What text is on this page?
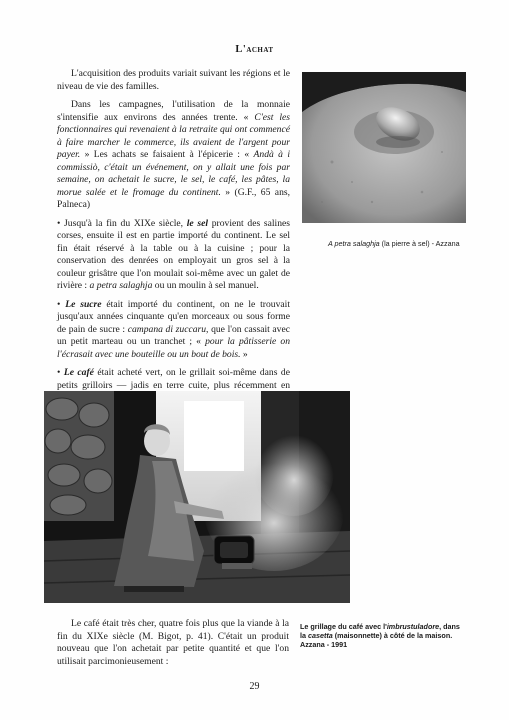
L'achat

L'acquisition des produits variait suivant les régions et le niveau de vie des familles.

Dans les campagnes, l'utilisation de la monnaie s'intensifie aux environs des années trente. « C'est les fonctionnaires qui revenaient à la retraite qui ont commencé à faire marcher le commerce, ils avaient de l'argent pour payer. » Les achats se faisaient à l'épicerie : « Andà à i commissiò, c'était un événement, on y allait une fois par semaine, on achetait le sucre, le sel, le café, les pâtes, la morue salée et le fromage du continent. » (G.F., 65 ans, Palneca)

• Jusqu'à la fin du XIXe siècle, le sel provient des salines corses, ensuite il est en partie importé du continent. Le sel fin était réservé à la table ou à la cuisine ; pour la conservation des denrées on employait un gros sel à la couleur grisâtre que l'on moulait soi-même avec un galet de rivière : a petra salaghja ou un moulin à sel manuel.

• Le sucre était importé du continent, on ne le trouvait jusqu'aux années cinquante qu'en morceaux ou sous forme de pain de sucre : campana di zuccaru, que l'on cassait avec un petit marteau ou un tranchet ; « pour la pâtisserie on l'écrasait avec une bouteille ou un bout de bois. »

• Le café était acheté vert, on le grillait soi-même dans de petits grilloirs — jadis en terre cuite, plus récemment en

A petra salaghja (la pierre à sel) - Azzana
Le grillage du café avec l'imbrustuladore, dans la casetta (maisonnette) à côté de la maison. Azzana - 1991

Le café était très cher, quatre fois plus que la viande à la fin du XIXe siècle (M. Bigot, p. 41). C'était un produit nouveau que l'on achetait par petite quantité et que l'on utilisait parcimonieusement :

29
